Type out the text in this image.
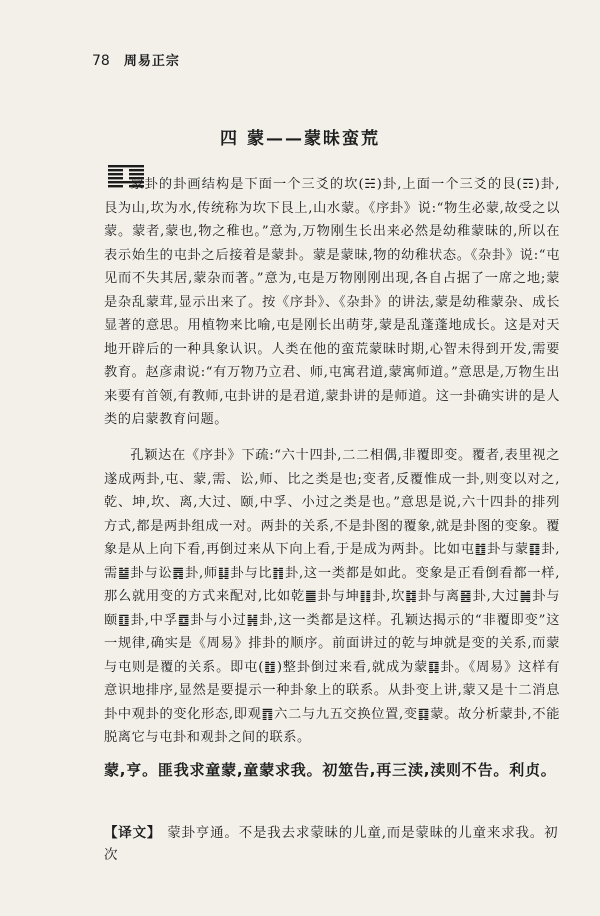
78 周易正宗
四 蒙——蒙昧蛮荒

蒙卦的卦画结构是下面一个三爻的坎(☵)卦,上面一个三爻的艮(☶)卦,艮为山,坎为水,传统称为坎下艮上,山水蒙。《序卦》说:“物生必蒙,故受之以蒙。蒙者,蒙也,物之稚也。”意为,万物刚生长出来必然是幼稚蒙昧的,所以在表示始生的屯卦之后接着是蒙卦。蒙是蒙昧,物的幼稚状态。《杂卦》说:“屯见而不失其居,蒙杂而著。”意为,屯是万物刚刚出现,各自占据了一席之地;蒙是杂乱蒙茸,显示出来了。按《序卦》、《杂卦》的讲法,蒙是幼稚蒙杂、成长显著的意思。用植物来比喻,屯是刚长出萌芽,蒙是乱蓬蓬地成长。这是对天地开辟后的一种具象认识。人类在他的蛮荒蒙昧时期,心智未得到开发,需要教育。赵彦肃说:“有万物乃立君、师,屯寓君道,蒙寓师道。”意思是,万物生出来要有首领,有教师,屯卦讲的是君道,蒙卦讲的是师道。这一卦确实讲的是人类的启蒙教育问题。

孔颖达在《序卦》下疏:“六十四卦,二二相偶,非覆即变。覆者,表里视之遂成两卦,屯、蒙,需、讼,师、比之类是也;变者,反覆惟成一卦,则变以对之,乾、坤,坎、离,大过、颐,中孚、小过之类是也。”意思是说,六十四卦的排列方式,都是两卦组成一对。两卦的关系,不是卦图的覆象,就是卦图的变象。覆象是从上向下看,再倒过来从下向上看,于是成为两卦。比如屯䷂卦与蒙䷃卦,需䷄卦与讼䷅卦,师䷆卦与比䷇卦,这一类都是如此。变象是正看倒看都一样,那么就用变的方式来配对,比如乾䷀卦与坤䷁卦,坎䷜卦与离䷝卦,大过䷛卦与颐䷚卦,中孚䷼卦与小过䷽卦,这一类都是这样。孔颖达揭示的“非覆即变”这一规律,确实是《周易》排卦的顺序。前面讲过的乾与坤就是变的关系,而蒙与屯则是覆的关系。即屯(䷂)整卦倒过来看,就成为蒙䷃卦。《周易》这样有意识地排序,显然是要提示一种卦象上的联系。从卦变上讲,蒙又是十二消息卦中观卦的变化形态,即观䷓六二与九五交换位置,变䷃蒙。故分析蒙卦,不能脱离它与屯卦和观卦之间的联系。

蒙,亨。匪我求童蒙,童蒙求我。初筮告,再三渎,渎则不告。利贞。

【译文】 蒙卦亨通。不是我去求蒙昧的儿童,而是蒙昧的儿童来求我。初次
